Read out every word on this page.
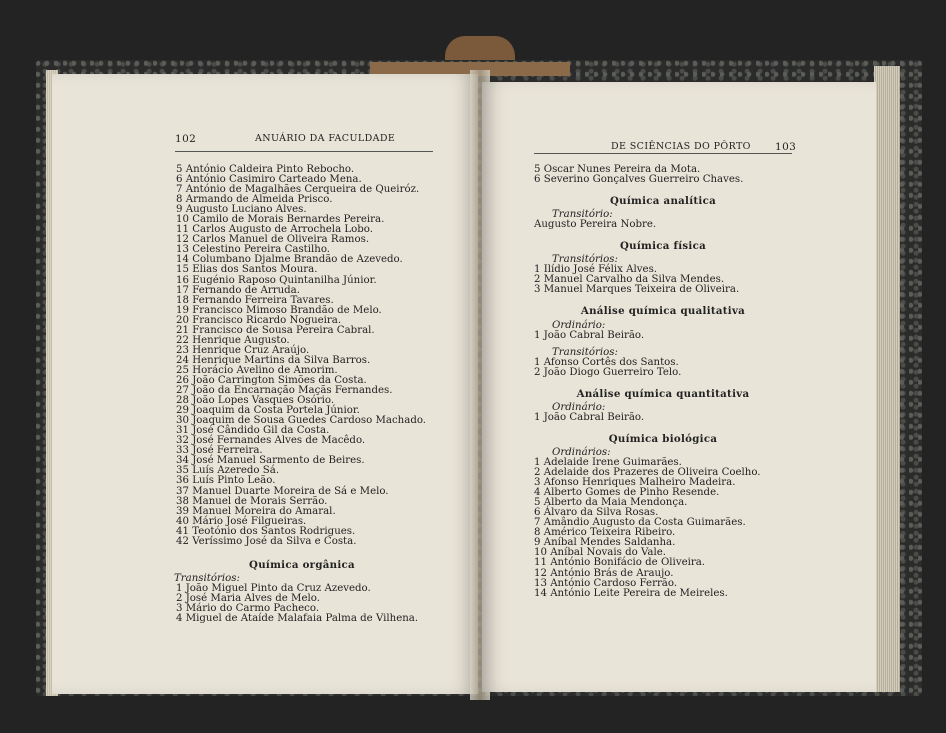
102	ANUÁRIO DA FACULDADE
5 António Caldeira Pinto Rebocho.
6 António Casimiro Carteado Mena.
7 António de Magalhães Cerqueira de Queiróz.
8 Armando de Almeida Prisco.
9 Augusto Luciano Alves.
10 Camilo de Morais Bernardes Pereira.
11 Carlos Augusto de Arrochela Lobo.
12 Carlos Manuel de Oliveira Ramos.
13 Celestino Pereira Castilho.
14 Columbano Djalme Brandão de Azevedo.
15 Elias dos Santos Moura.
16 Eugénio Raposo Quintanilha Júnior.
17 Fernando de Arruda.
18 Fernando Ferreira Tavares.
19 Francisco Mimoso Brandão de Melo.
20 Francisco Ricardo Nogueira.
21 Francisco de Sousa Pereira Cabral.
22 Henrique Augusto.
23 Henrique Cruz Araújo.
24 Henrique Martins da Silva Barros.
25 Horácio Avelino de Amorim.
26 João Carrington Simões da Costa.
27 João da Encarnação Maçãs Fernandes.
28 João Lopes Vasques Osório.
29 Joaquim da Costa Portela Júnior.
30 Joaquim de Sousa Guedes Cardoso Machado.
31 José Cândido Gil da Costa.
32 José Fernandes Alves de Macêdo.
33 José Ferreira.
34 José Manuel Sarmento de Beires.
35 Luís Azeredo Sá.
36 Luís Pinto Leão.
37 Manuel Duarte Moreira de Sá e Melo.
38 Manuel de Morais Serrão.
39 Manuel Moreira do Amaral.
40 Mário José Filgueiras.
41 Teotónio dos Santos Rodrigues.
42 Veríssimo José da Silva e Costa.
Química orgânica
Transitórios:
1 João Miguel Pinto da Cruz Azevedo.
2 José Maria Alves de Melo.
3 Mário do Carmo Pacheco.
4 Miguel de Ataíde Malafaia Palma de Vilhena.
DE SCIÊNCIAS DO PÔRTO 103
5 Oscar Nunes Pereira da Mota.
6 Severino Gonçalves Guerreiro Chaves.
Química analítica
Transitório:
Augusto Pereira Nobre.
Química física
Transitórios:
1 Ilídio José Félix Alves.
2 Manuel Carvalho da Silva Mendes.
3 Manuel Marques Teixeira de Oliveira.
Análise química qualitativa
Ordinário:
1 João Cabral Beirão.
Transitórios:
1 Afonso Cortês dos Santos.
2 João Diogo Guerreiro Telo.
Análise química quantitativa
Ordinário:
1 João Cabral Beirão.
Química biológica
Ordinários:
1 Adelaide Irene Guimarães.
2 Adelaide dos Prazeres de Oliveira Coelho.
3 Afonso Henriques Malheiro Madeira.
4 Alberto Gomes de Pinho Resende.
5 Alberto da Maia Mendonça.
6 Álvaro da Silva Rosas.
7 Amândio Augusto da Costa Guimarães.
8 Américo Teixeira Ribeiro.
9 Aníbal Mendes Saldanha.
10 Aníbal Novais do Vale.
11 António Bonifácio de Oliveira.
12 António Brás de Araujo.
13 António Cardoso Ferrão.
14 António Leite Pereira de Meireles.
